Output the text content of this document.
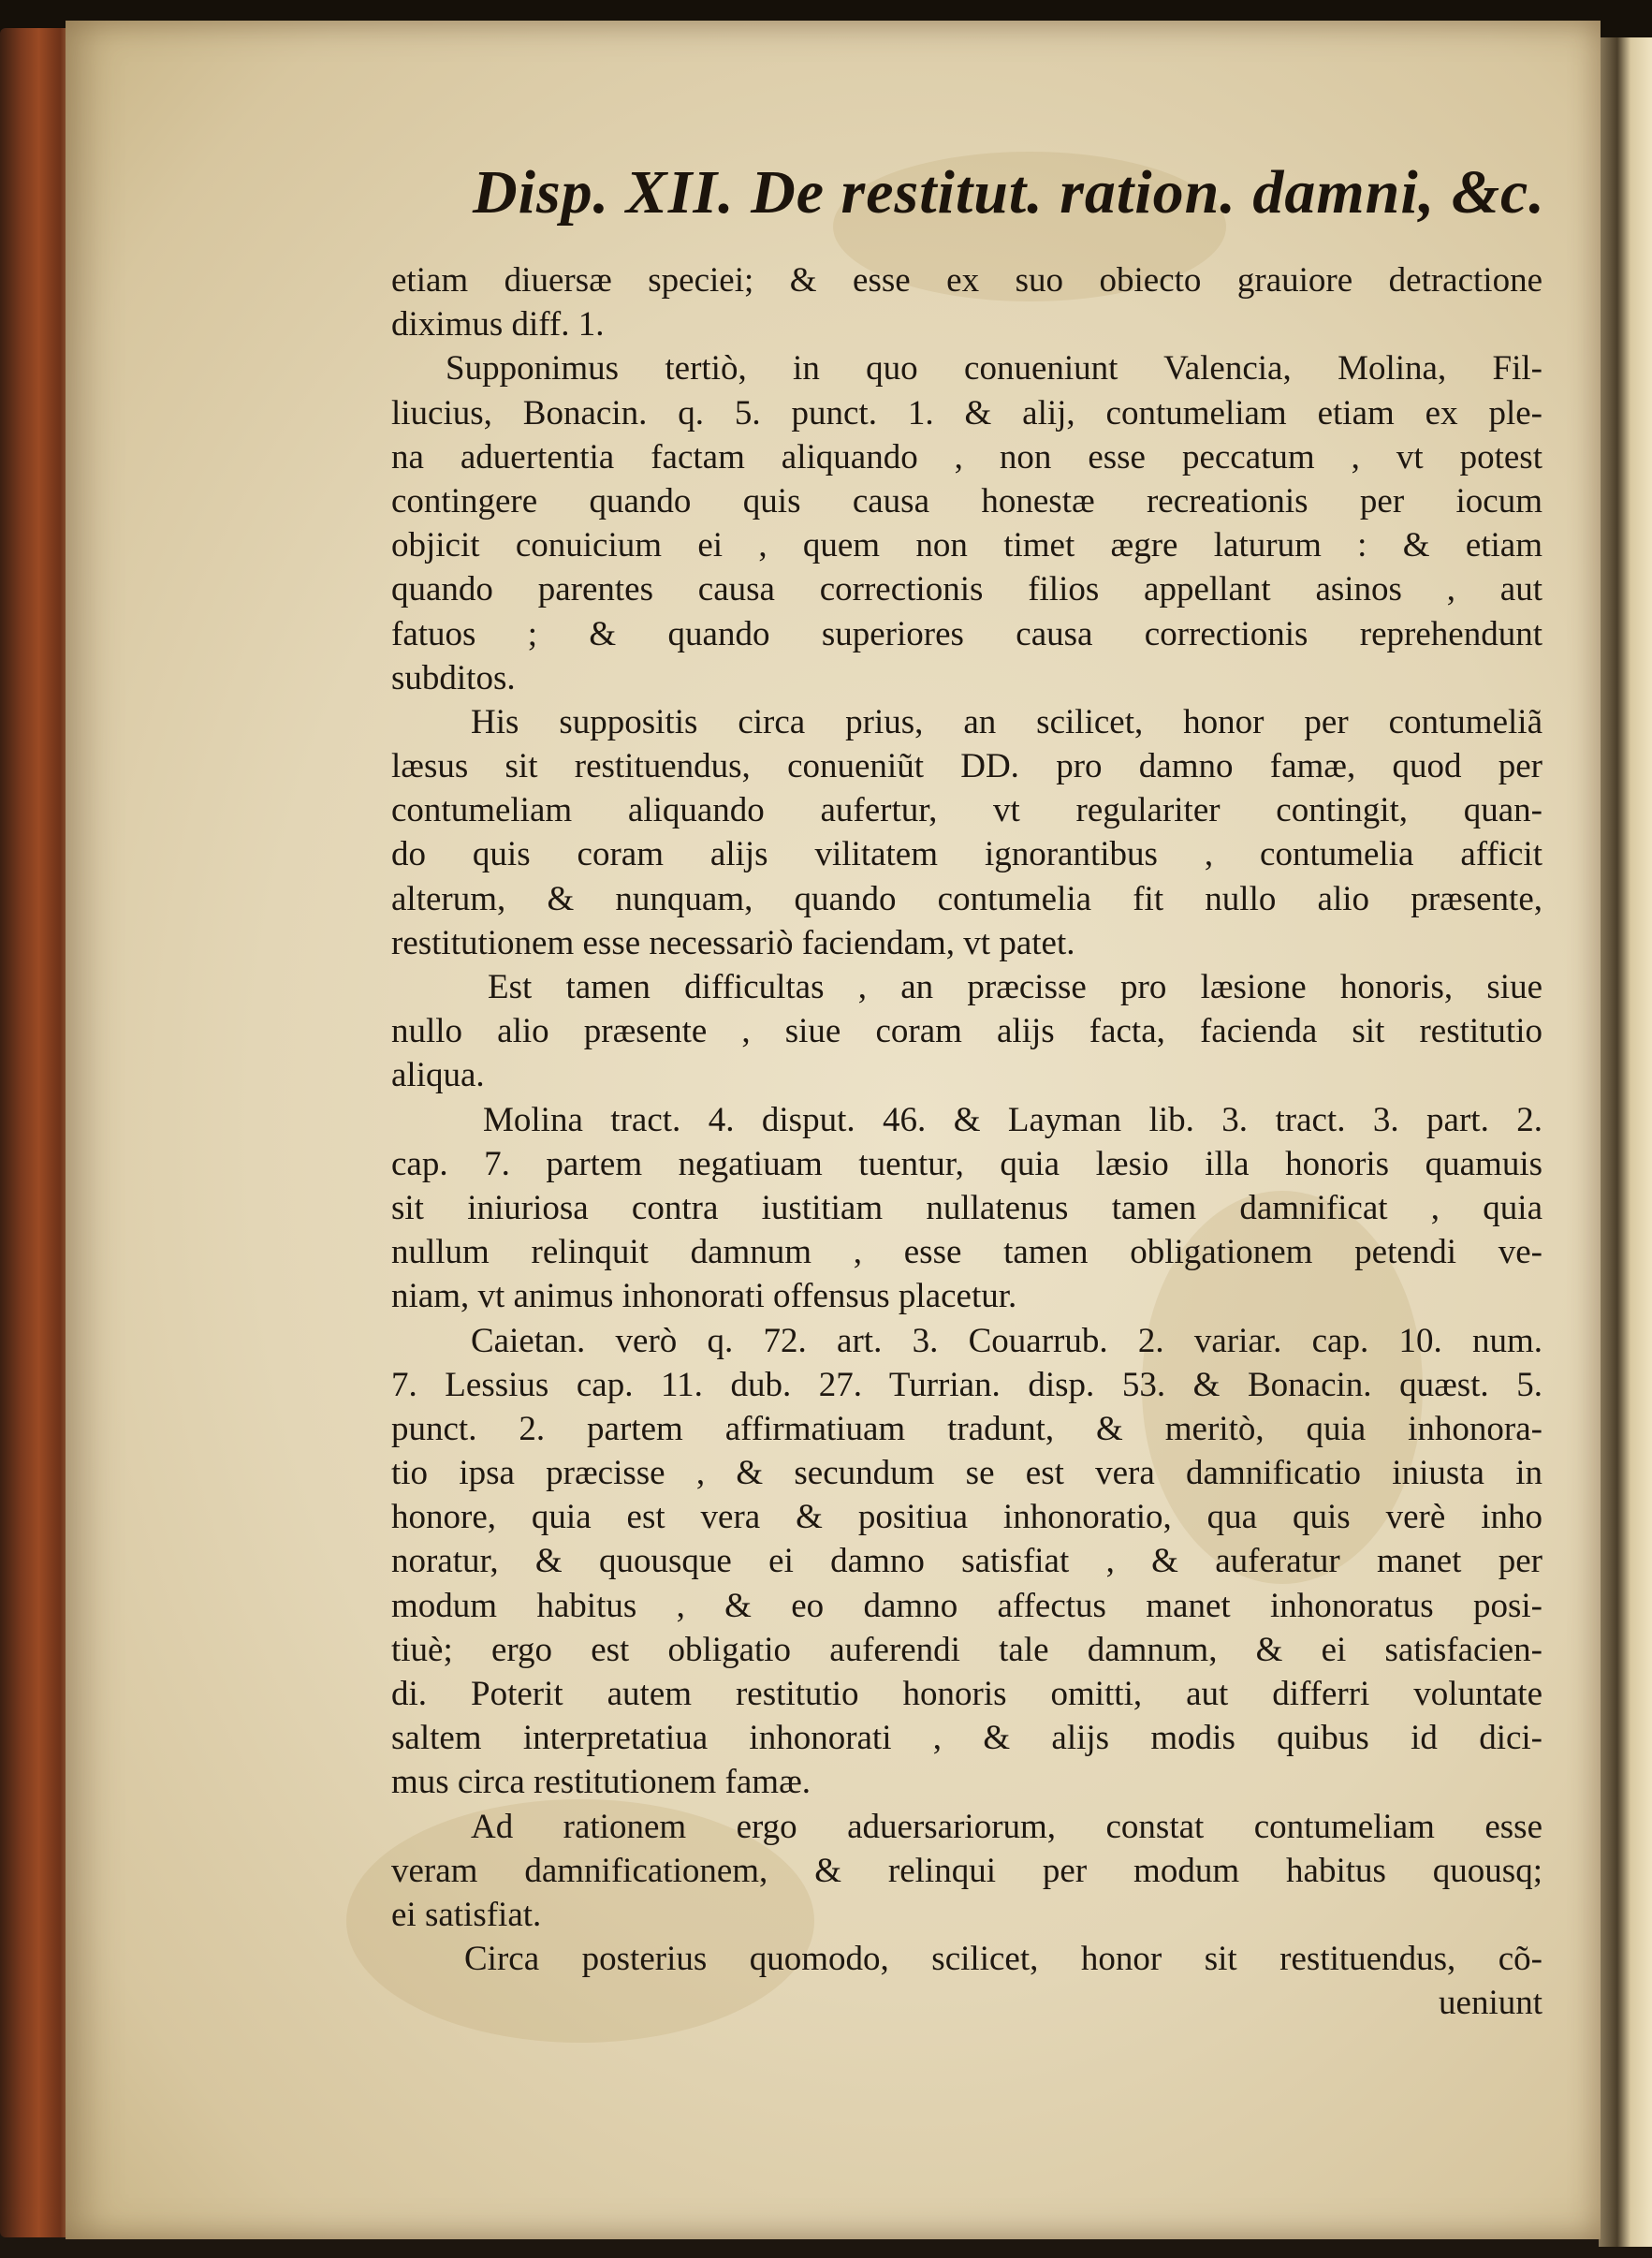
Disp. XII. De restitut. ration. damni, &c.
etiam diuersæ speciei; & esse ex suo obiecto grauiore detractione
diximus diff. 1.
Supponimus tertiò, in quo conueniunt Valencia, Molina, Fil-
liucius, Bonacin. q. 5. punct. 1. & alij, contumeliam etiam ex ple-
na aduertentia factam aliquando , non esse peccatum , vt potest
contingere quando quis causa honestæ recreationis per iocum
objicit conuicium ei , quem non timet ægre laturum : & etiam
quando parentes causa correctionis filios appellant asinos , aut
fatuos ; & quando superiores causa correctionis reprehendunt
subditos.
His suppositis circa prius, an scilicet, honor per contumeliã
læsus sit restituendus, conueniũt DD. pro damno famæ, quod per
contumeliam aliquando aufertur, vt regulariter contingit, quan-
do quis coram alijs vilitatem ignorantibus , contumelia afficit
alterum, & nunquam, quando contumelia fit nullo alio præsente,
restitutionem esse necessariò faciendam, vt patet.
Est tamen difficultas , an præcisse pro læsione honoris, siue
nullo alio præsente , siue coram alijs facta, facienda sit restitutio
aliqua.
Molina tract. 4. disput. 46. & Layman lib. 3. tract. 3. part. 2.
cap. 7. partem negatiuam tuentur, quia læsio illa honoris quamuis
sit iniuriosa contra iustitiam nullatenus tamen damnificat , quia
nullum relinquit damnum , esse tamen obligationem petendi ve-
niam, vt animus inhonorati offensus placetur.
Caietan. verò q. 72. art. 3. Couarrub. 2. variar. cap. 10. num.
7. Lessius cap. 11. dub. 27. Turrian. disp. 53. & Bonacin. quæst. 5.
punct. 2. partem affirmatiuam tradunt, & meritò, quia inhonora-
tio ipsa præcisse , & secundum se est vera damnificatio iniusta in
honore, quia est vera & positiua inhonoratio, qua quis verè inho
noratur, & quousque ei damno satisfiat , & auferatur manet per
modum habitus , & eo damno affectus manet inhonoratus posi-
tiuè; ergo est obligatio auferendi tale damnum, & ei satisfacien-
di. Poterit autem restitutio honoris omitti, aut differri voluntate
saltem interpretatiua inhonorati , & alijs modis quibus id dici-
mus circa restitutionem famæ.
Ad rationem ergo aduersariorum, constat contumeliam esse
veram damnificationem, & relinqui per modum habitus quousq;
ei satisfiat.
Circa posterius quomodo, scilicet, honor sit restituendus, cõ-
ueniunt
